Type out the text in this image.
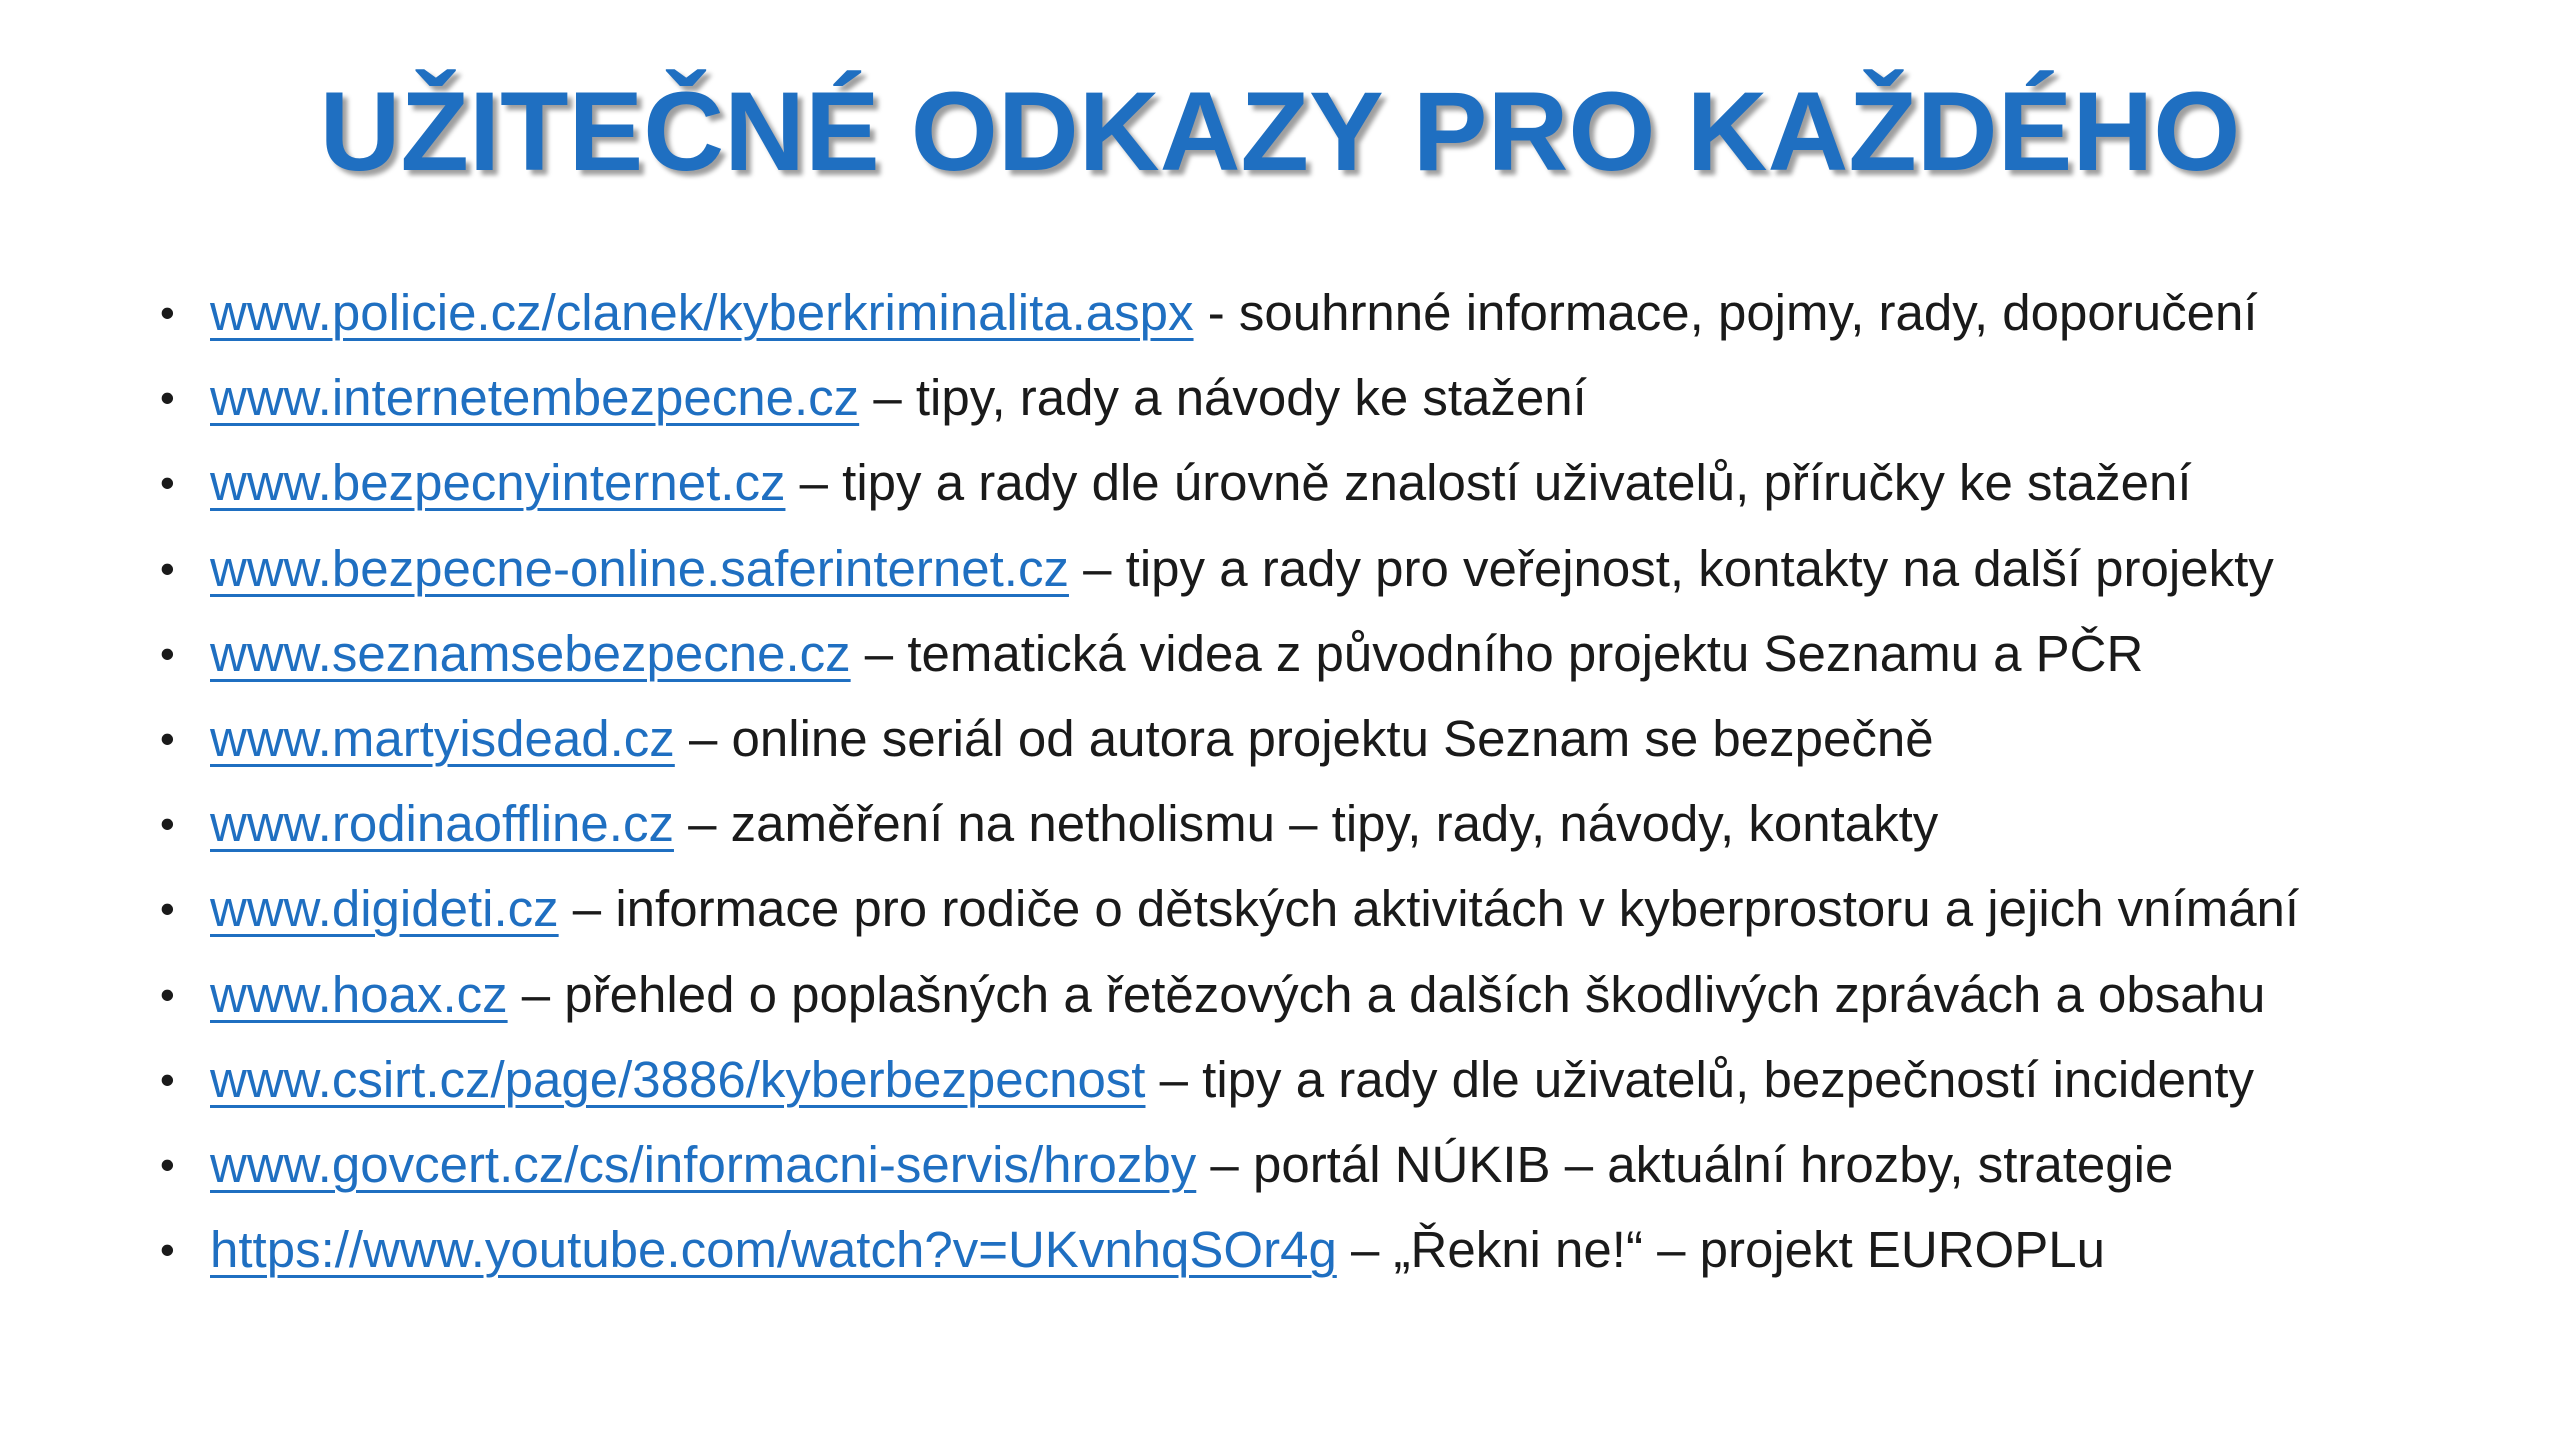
UŽITEČNÉ ODKAZY PRO KAŽDÉHO
• www.policie.cz/clanek/kyberkriminalita.aspx - souhrnné informace, pojmy, rady, doporučení
• www.internetembezpecne.cz – tipy, rady a návody ke stažení
• www.bezpecnyinternet.cz – tipy a rady dle úrovně znalostí uživatelů, příručky ke stažení
• www.bezpecne-online.saferinternet.cz – tipy a rady pro veřejnost, kontakty na další projekty
• www.seznamsebezpecne.cz – tematická videa z původního projektu Seznamu a PČR
• www.martyisdead.cz – online seriál od autora projektu Seznam se bezpečně
• www.rodinaoffline.cz – zaměření na netholismu – tipy, rady, návody, kontakty
• www.digideti.cz – informace pro rodiče o dětských aktivitách v kyberprostoru a jejich vnímání
• www.hoax.cz – přehled o poplašných a řetězových a dalších škodlivých zprávách a obsahu
• www.csirt.cz/page/3886/kyberbezpecnost – tipy a rady dle uživatelů, bezpečností incidenty
• www.govcert.cz/cs/informacni-servis/hrozby – portál NÚKIB – aktuální hrozby, strategie
• https://www.youtube.com/watch?v=UKvnhqSOr4g – „Řekni ne!“ – projekt EUROPLu
